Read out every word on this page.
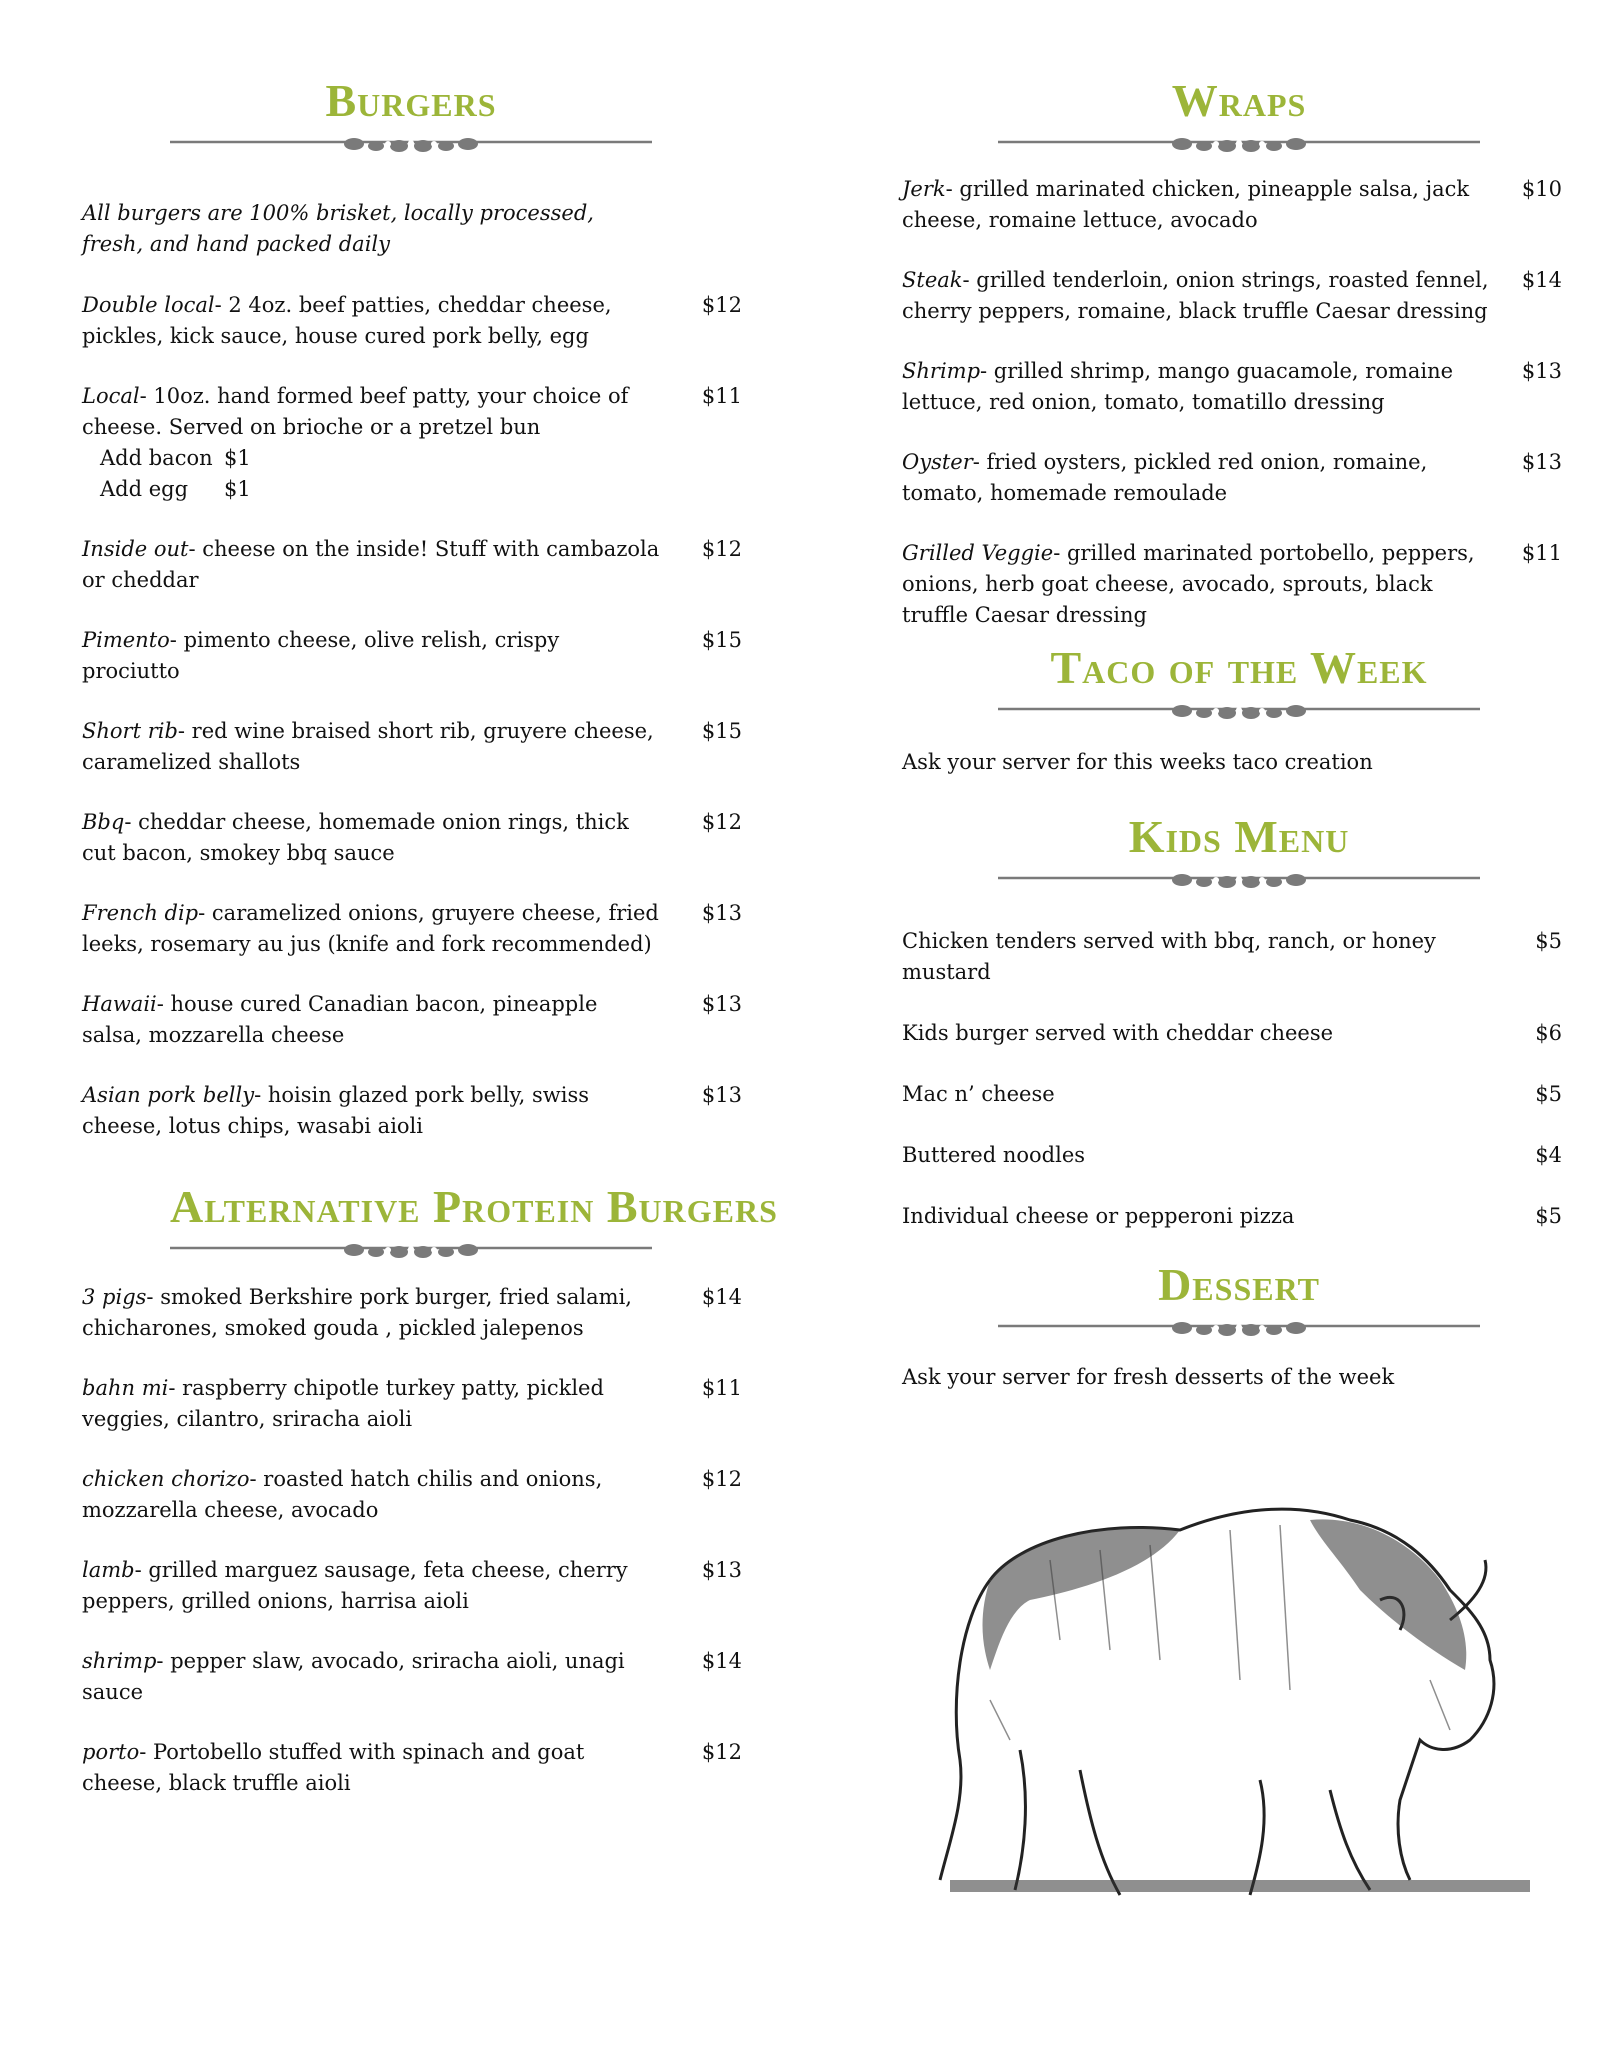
Burgers
All burgers are 100% brisket, locally processed, fresh, and hand packed daily
Double local- 2 4oz. beef patties, cheddar cheese, pickles, kick sauce, house cured pork belly, egg
$12
Local- 10oz. hand formed beef patty, your choice of cheese. Served on brioche or a pretzel bun
$11
Add bacon $1
Add egg $1
Inside out- cheese on the inside! Stuff with cambazola or cheddar
$12
Pimento- pimento cheese, olive relish, crispy prociutto
$15
Short rib- red wine braised short rib, gruyere cheese, caramelized shallots
$15
Bbq- cheddar cheese, homemade onion rings, thick cut bacon, smokey bbq sauce
$12
French dip- caramelized onions, gruyere cheese, fried leeks, rosemary au jus (knife and fork recommended)
$13
Hawaii- house cured Canadian bacon, pineapple salsa, mozzarella cheese
$13
Asian pork belly- hoisin glazed pork belly, swiss cheese, lotus chips, wasabi aioli
$13
Alternative Protein Burgers
3 pigs- smoked Berkshire pork burger, fried salami, chicharones, smoked gouda , pickled jalepenos
$14
bahn mi- raspberry chipotle turkey patty, pickled veggies, cilantro, sriracha aioli
$11
chicken chorizo- roasted hatch chilis and onions, mozzarella cheese, avocado
$12
lamb- grilled marguez sausage, feta cheese, cherry peppers, grilled onions, harrisa aioli
$13
shrimp- pepper slaw, avocado, sriracha aioli, unagi sauce
$14
porto- Portobello stuffed with spinach and goat cheese, black truffle aioli
$12
Wraps
Jerk- grilled marinated chicken, pineapple salsa, jack cheese, romaine lettuce, avocado
$10
Steak- grilled tenderloin, onion strings, roasted fennel, cherry peppers, romaine, black truffle Caesar dressing
$14
Shrimp- grilled shrimp, mango guacamole, romaine lettuce, red onion, tomato, tomatillo dressing
$13
Oyster- fried oysters, pickled red onion, romaine, tomato, homemade remoulade
$13
Grilled Veggie- grilled marinated portobello, peppers, onions, herb goat cheese, avocado, sprouts, black truffle Caesar dressing
$11
Taco of the Week
Ask your server for this weeks taco creation
Kids Menu
Chicken tenders served with bbq, ranch, or honey mustard
$5
Kids burger served with cheddar cheese	$6
Mac n’ cheese	$5
Buttered noodles	$4
Individual cheese or pepperoni pizza	$5
Dessert
Ask your server for fresh desserts of the week
